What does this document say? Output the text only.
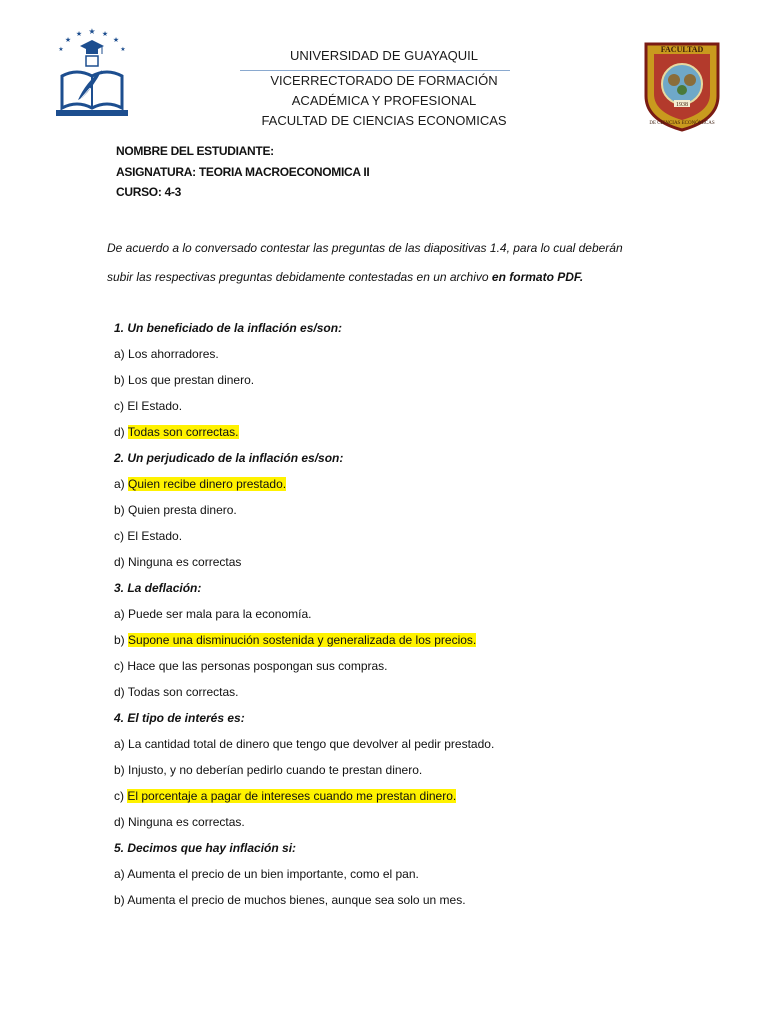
★
★	★
★	★
★	★	FACULTAD
1938
DE CIENCIAS ECONÓMICAS
UNIVERSIDAD DE GUAYAQUIL
VICERRECTORADO DE FORMACIÓN
ACADÉMICA Y PROFESIONAL
FACULTAD DE CIENCIAS ECONOMICAS
NOMBRE DEL ESTUDIANTE:
ASIGNATURA: TEORIA MACROECONOMICA II
CURSO: 4-3
De acuerdo a lo conversado contestar las preguntas de las diapositivas 1.4, para lo cual deberán
subir las respectivas preguntas debidamente contestadas en un archivo en formato PDF.
1. Un beneficiado de la inflación es/son:
a) Los ahorradores.
b) Los que prestan dinero.
c) El Estado.
d) Todas son correctas.
2. Un perjudicado de la inflación es/son:
a) Quien recibe dinero prestado.
b) Quien presta dinero.
c) El Estado.
d) Ninguna es correctas
3. La deflación:
a) Puede ser mala para la economía.
b) Supone una disminución sostenida y generalizada de los precios.
c) Hace que las personas pospongan sus compras.
d) Todas son correctas.
4. El tipo de interés es:
a) La cantidad total de dinero que tengo que devolver al pedir prestado.
b) Injusto, y no deberían pedirlo cuando te prestan dinero.
c) El porcentaje a pagar de intereses cuando me prestan dinero.
d) Ninguna es correctas.
5. Decimos que hay inflación si:
a) Aumenta el precio de un bien importante, como el pan.
b) Aumenta el precio de muchos bienes, aunque sea solo un mes.
